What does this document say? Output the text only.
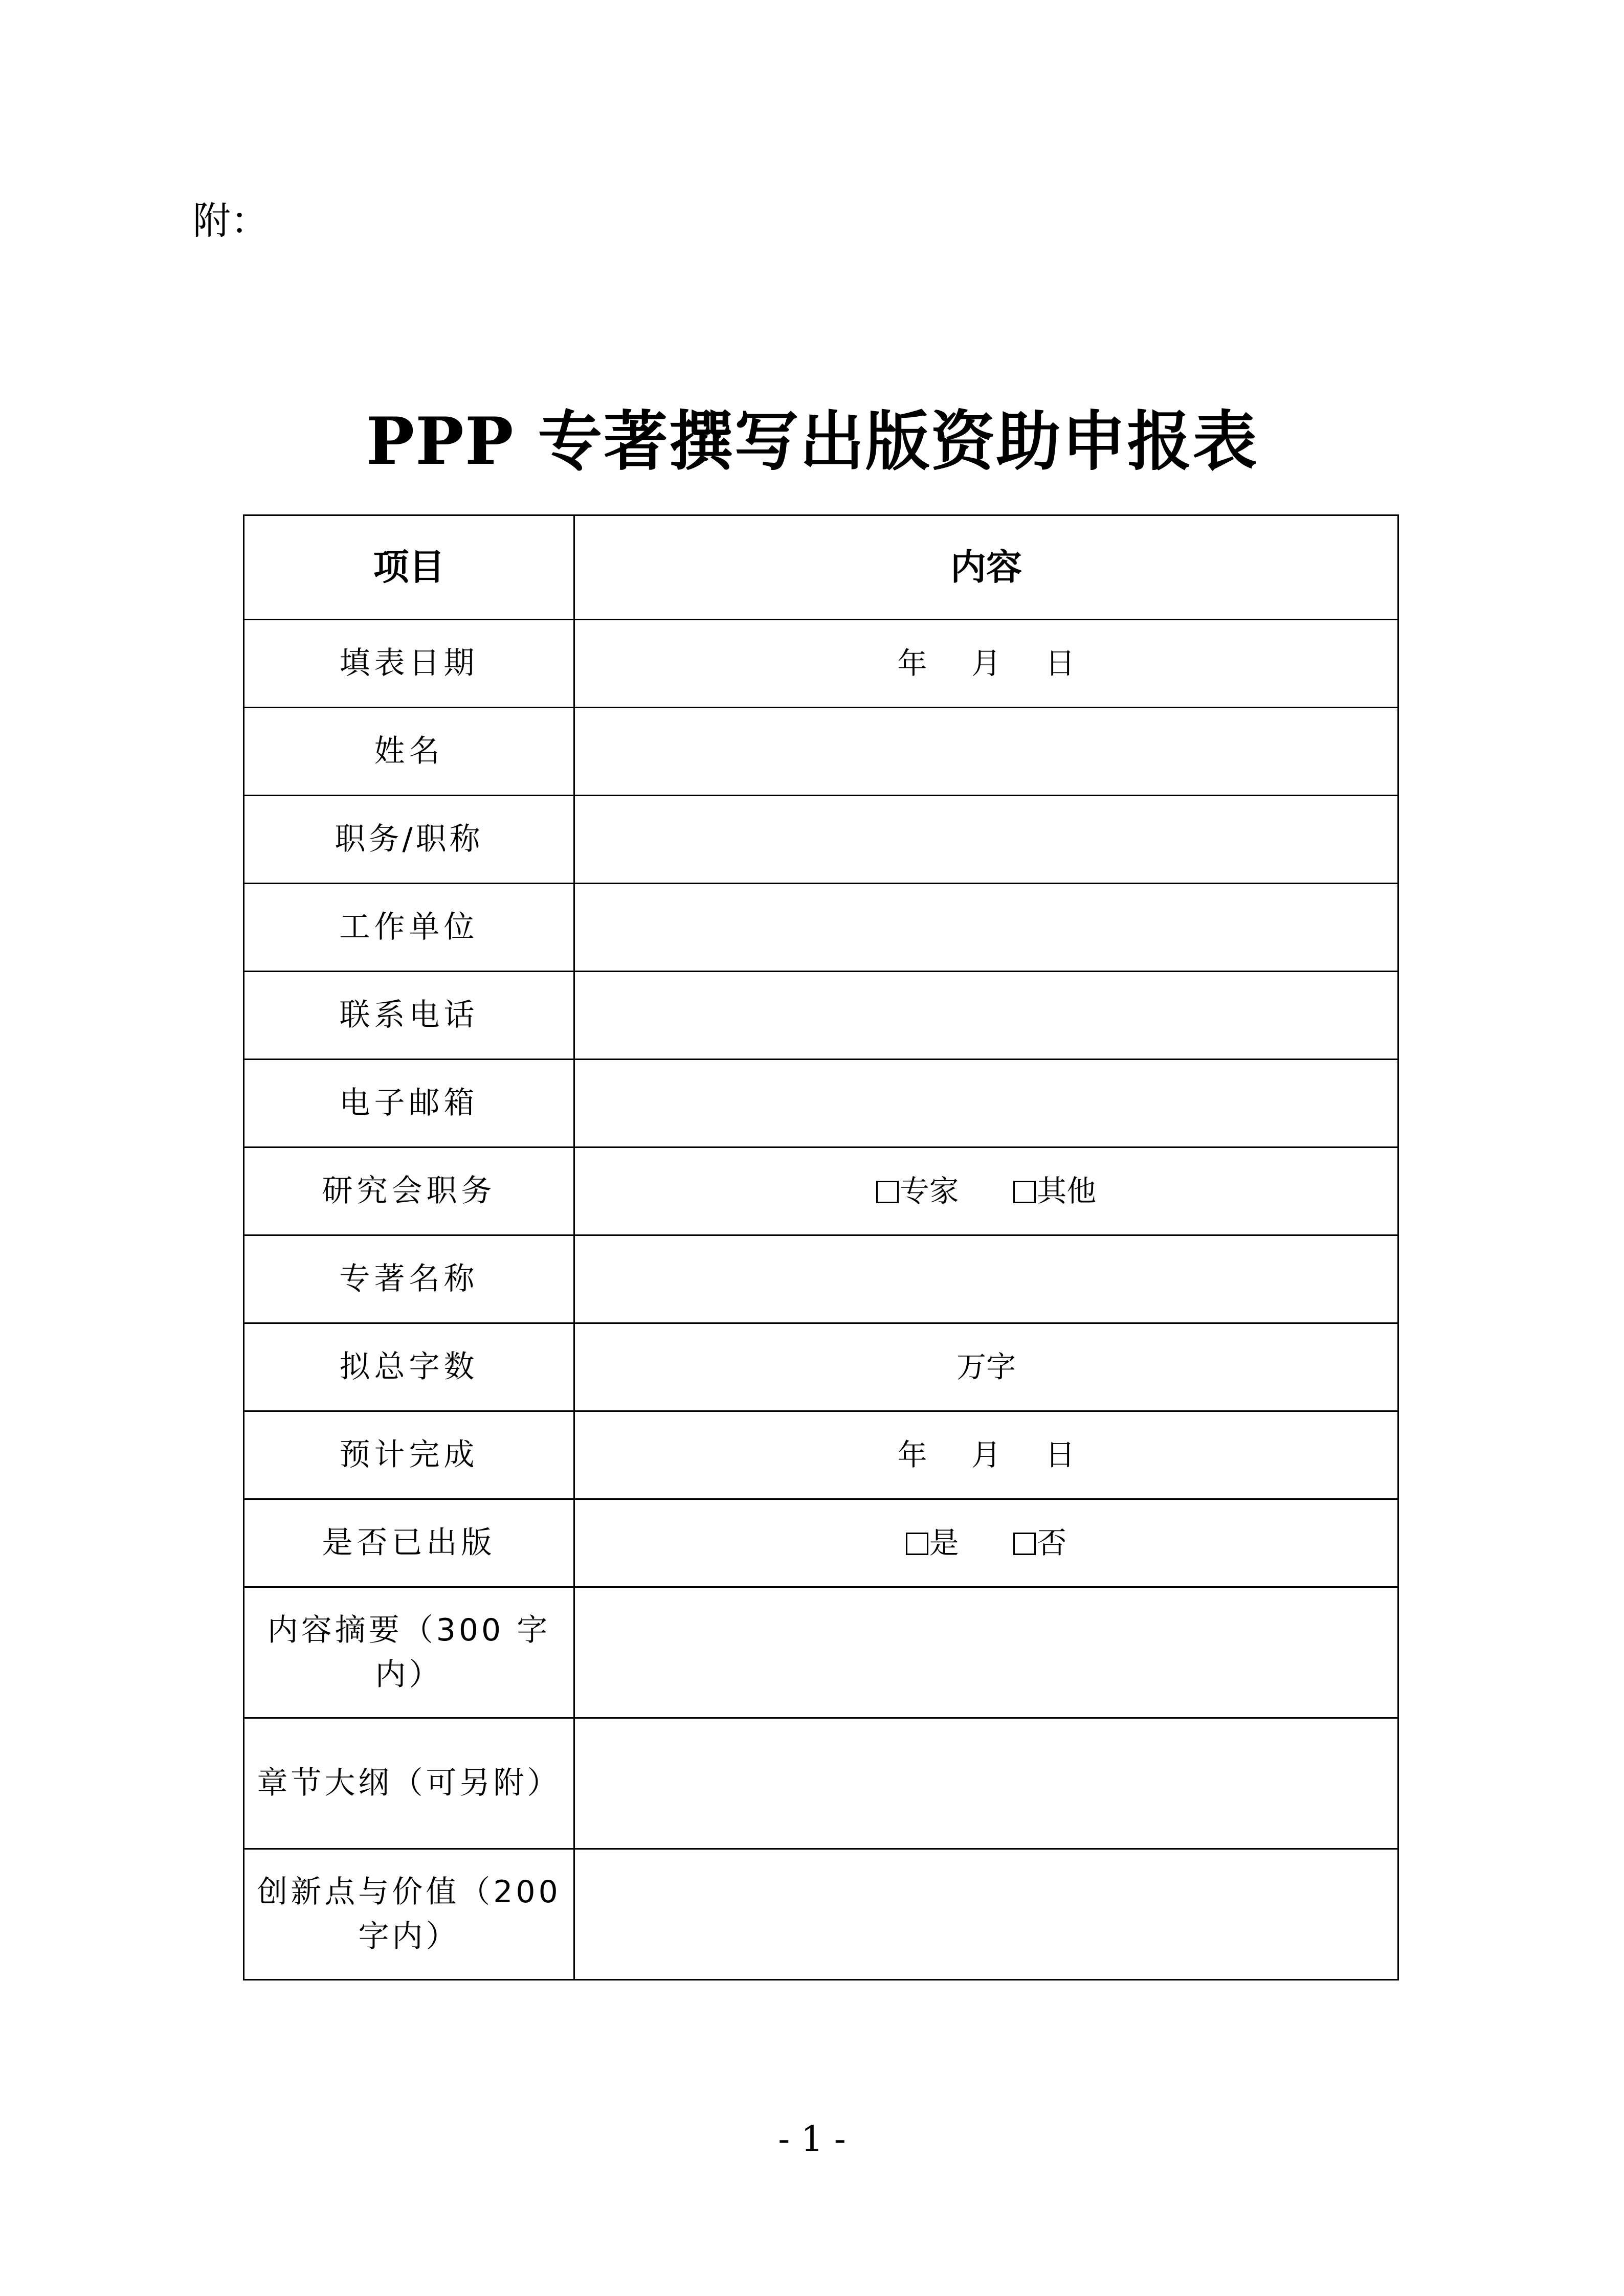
附：
PPP 专著撰写出版资助申报表
项目	内容
填表日期	年 月 日
姓名	
职务/职称	
工作单位	
联系电话	
电子邮箱	
研究会职务	专家 其他
专著名称	
拟总字数	万字
预计完成	年 月 日
是否已出版	是 否
内容摘要（300 字内）	
章节大纲（可另附）	
创新点与价值（200 字内）	
- 1 -
